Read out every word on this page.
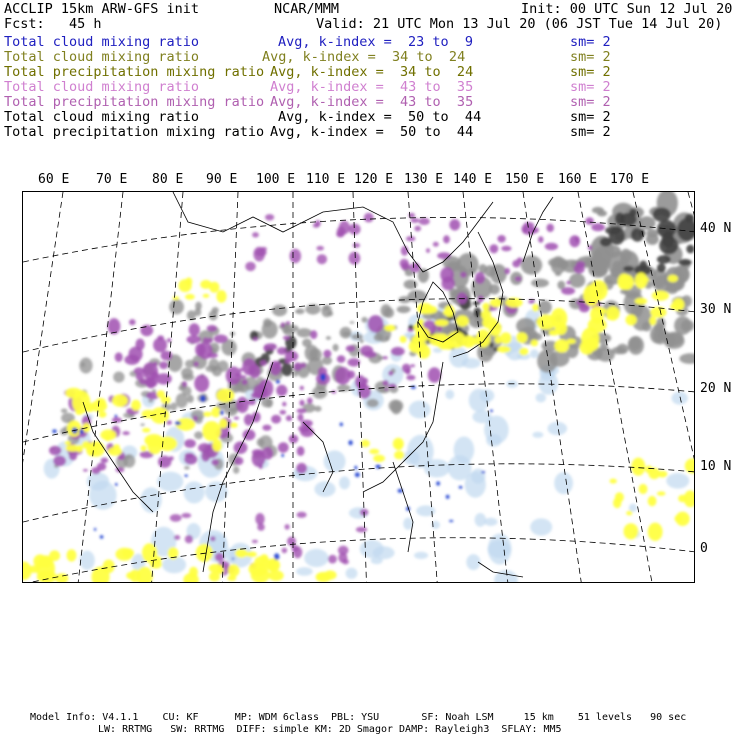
ACCLIP 15km ARW-GFS init	NCAR/MMM	Init: 00 UTC Sun 12 Jul 20
Fcst:   45 h	Valid: 21 UTC Mon 13 Jul 20 (06 JST Tue 14 Jul 20)
Total cloud mixing ratio	Avg, k-index =  23 to  9	sm= 2
Total cloud mixing ratio	Avg, k-index =  34 to  24	sm= 2
Total precipitation mixing ratio Avg, k-index =  34 to  24	sm= 2
Total cloud mixing ratio	Avg, k-index =  43 to  35	sm= 2
Total precipitation mixing ratio Avg, k-index =  43 to  35	sm= 2
Total cloud mixing ratio	Avg, k-index =  50 to  44	sm= 2
Total precipitation mixing ratio Avg, k-index =  50 to  44	sm= 2
60 E 70 E 80 E 90 E 100 E 110 E 120 E 130 E 140 E 150 E 160 E 170 E
40 N
30 N
20 N
10 N
0
Model Info: V4.1.1    CU: KF      MP: WDM 6class  PBL: YSU       SF: Noah LSM     15 km    51 levels   90 sec
LW: RRTMG   SW: RRTMG  DIFF: simple KM: 2D Smagor DAMP: Rayleigh3  SFLAY: MM5
